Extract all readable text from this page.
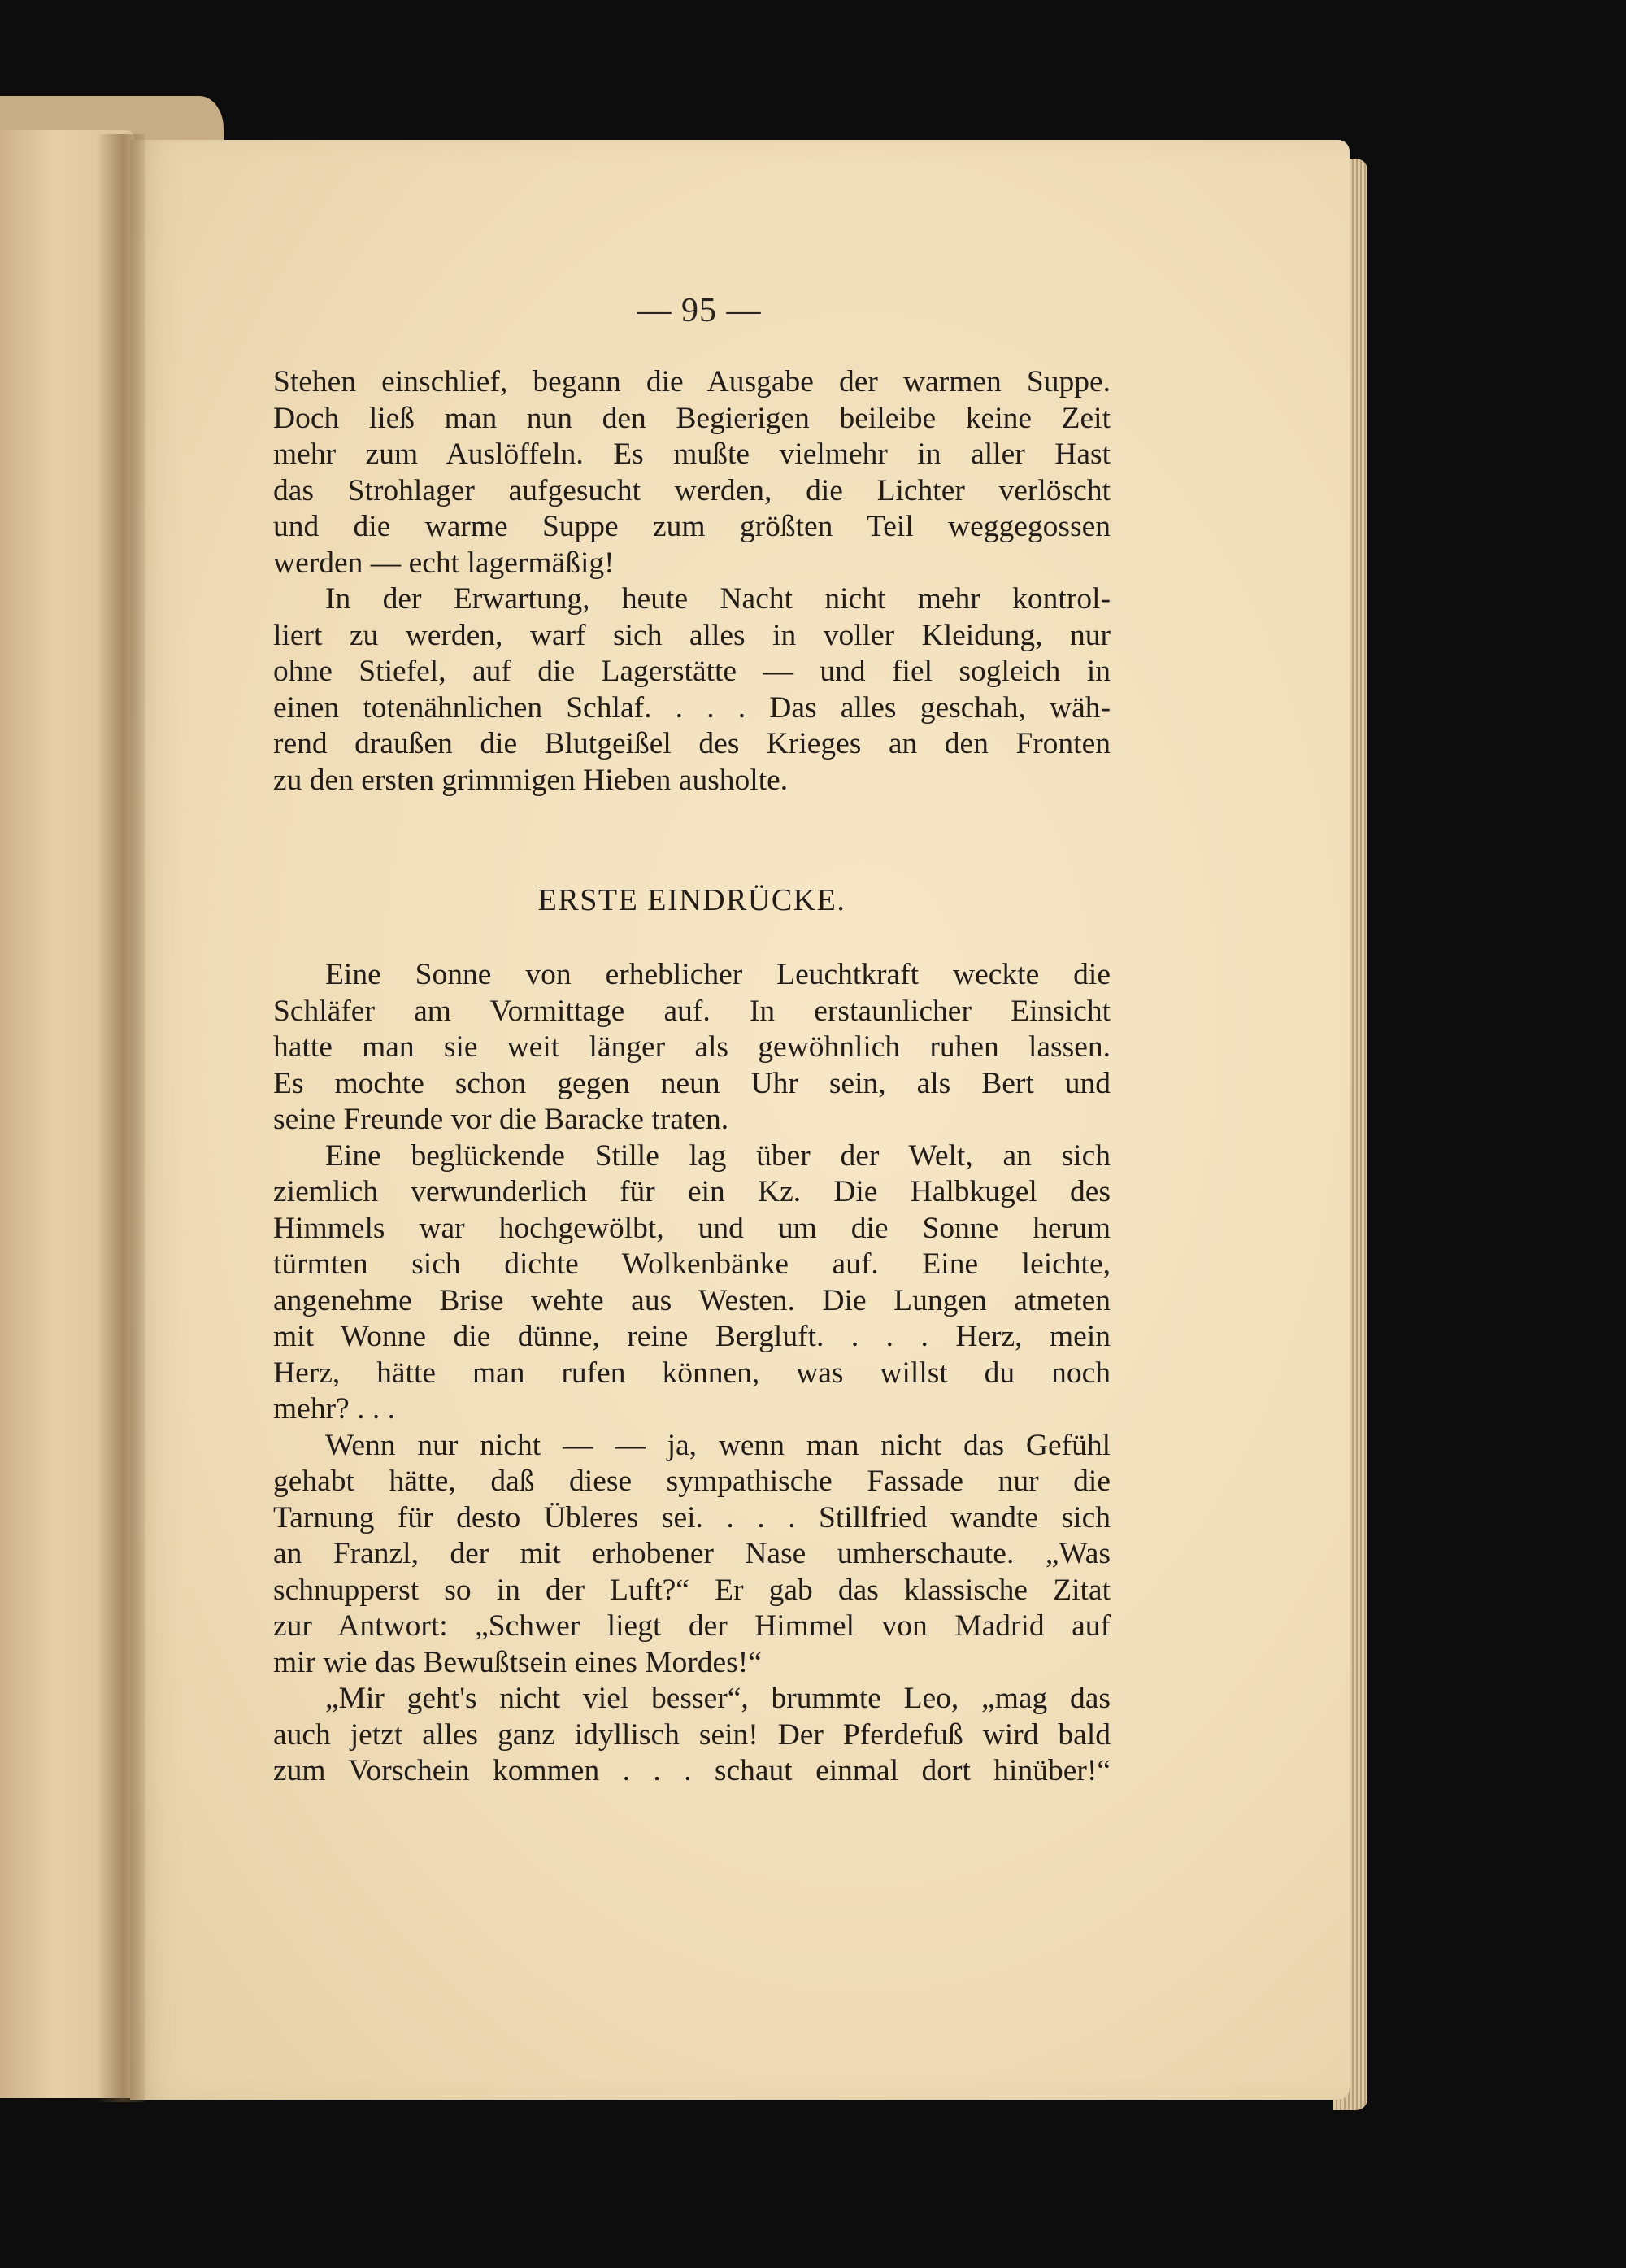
— 95 —
Stehen einschlief, begann die Ausgabe der warmen Suppe.
Doch ließ man nun den Begierigen beileibe keine Zeit
mehr zum Auslöffeln. Es mußte vielmehr in aller Hast
das Strohlager aufgesucht werden, die Lichter verlöscht
und die warme Suppe zum größten Teil weggegossen
werden — echt lagermäßig!
In der Erwartung, heute Nacht nicht mehr kontrol-
liert zu werden, warf sich alles in voller Kleidung, nur
ohne Stiefel, auf die Lagerstätte — und fiel sogleich in
einen totenähnlichen Schlaf. . . . Das alles geschah, wäh-
rend draußen die Blutgeißel des Krieges an den Fronten
zu den ersten grimmigen Hieben ausholte.
ERSTE EINDRÜCKE.
Eine Sonne von erheblicher Leuchtkraft weckte die
Schläfer am Vormittage auf. In erstaunlicher Einsicht
hatte man sie weit länger als gewöhnlich ruhen lassen.
Es mochte schon gegen neun Uhr sein, als Bert und
seine Freunde vor die Baracke traten.
Eine beglückende Stille lag über der Welt, an sich
ziemlich verwunderlich für ein Kz. Die Halbkugel des
Himmels war hochgewölbt, und um die Sonne herum
türmten sich dichte Wolkenbänke auf. Eine leichte,
angenehme Brise wehte aus Westen. Die Lungen atmeten
mit Wonne die dünne, reine Bergluft. . . . Herz, mein
Herz, hätte man rufen können, was willst du noch
mehr? . . .
Wenn nur nicht — — ja, wenn man nicht das Gefühl
gehabt hätte, daß diese sympathische Fassade nur die
Tarnung für desto Übleres sei. . . . Stillfried wandte sich
an Franzl, der mit erhobener Nase umherschaute. „Was
schnupperst so in der Luft?“ Er gab das klassische Zitat
zur Antwort: „Schwer liegt der Himmel von Madrid auf
mir wie das Bewußtsein eines Mordes!“
„Mir geht's nicht viel besser“, brummte Leo, „mag das
auch jetzt alles ganz idyllisch sein! Der Pferdefuß wird bald
zum Vorschein kommen . . . schaut einmal dort hinüber!“
